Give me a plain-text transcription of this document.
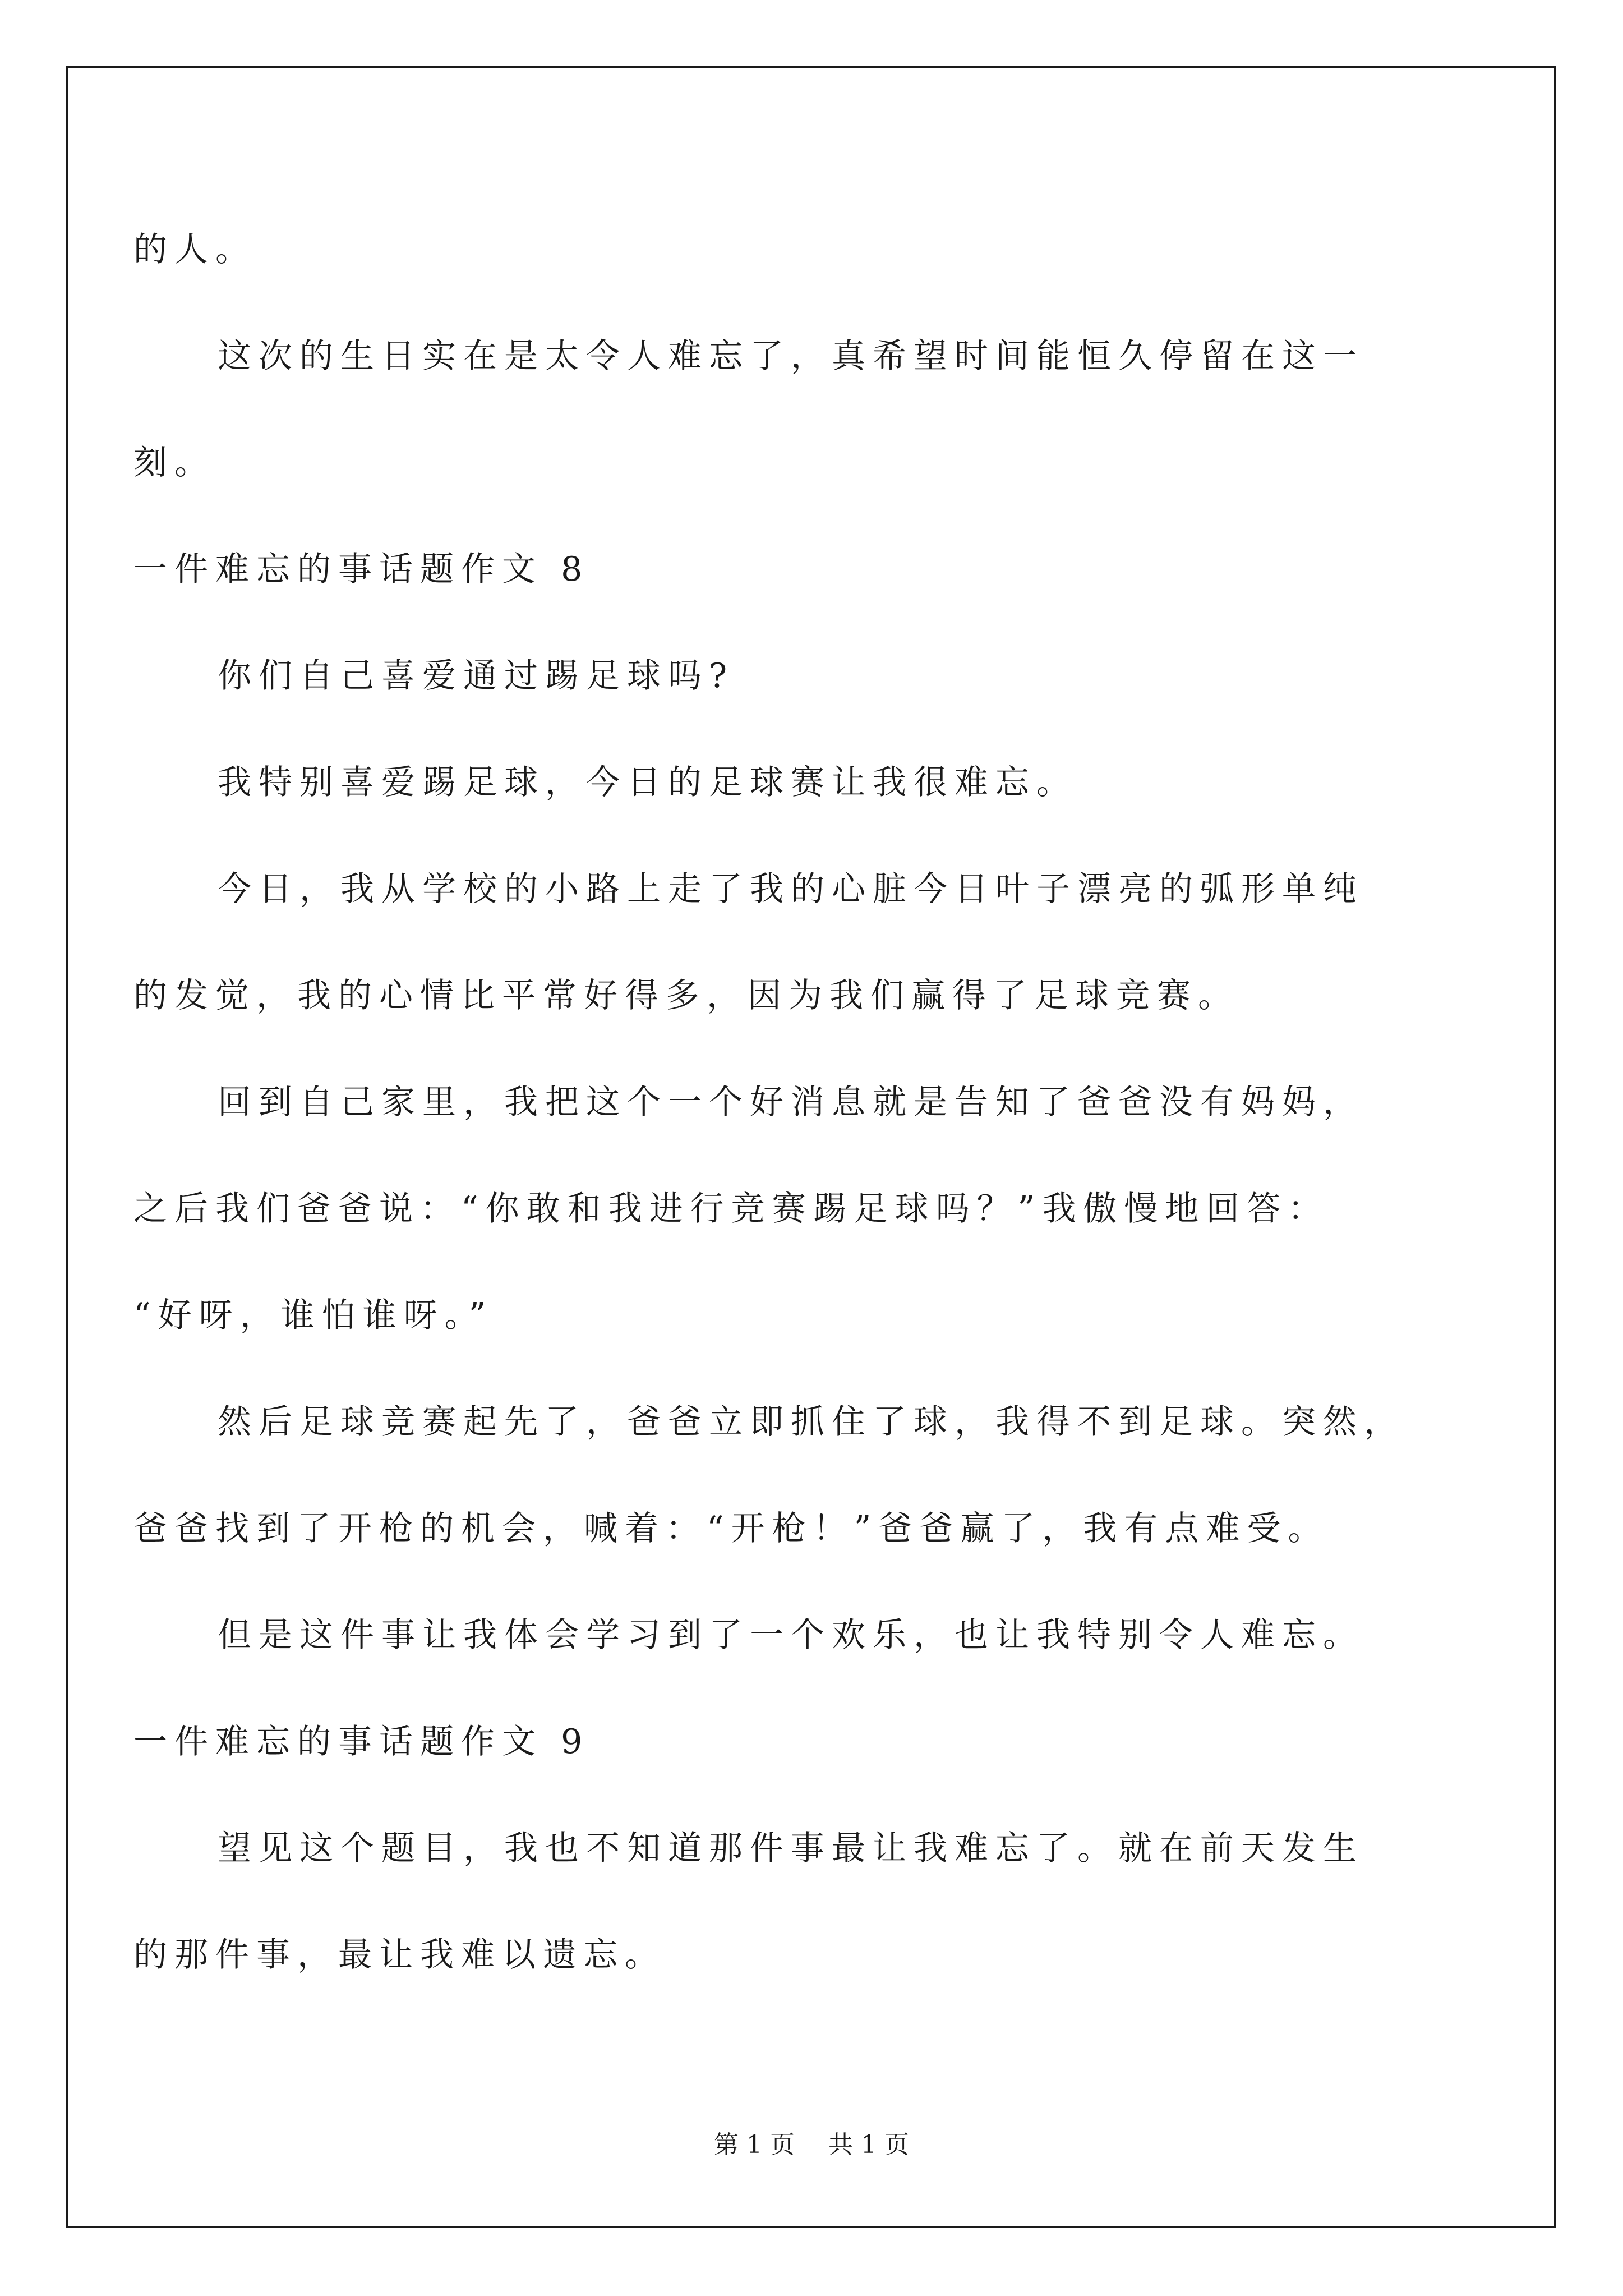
的人。
这次的生日实在是太令人难忘了，真希望时间能恒久停留在这一
刻。
一件难忘的事话题作文 8
你们自己喜爱通过踢足球吗?
我特别喜爱踢足球，今日的足球赛让我很难忘。
今日，我从学校的小路上走了我的心脏今日叶子漂亮的弧形单纯
的发觉，我的心情比平常好得多，因为我们赢得了足球竞赛。
回到自己家里，我把这个一个好消息就是告知了爸爸没有妈妈，
之后我们爸爸说：“你敢和我进行竞赛踢足球吗？”我傲慢地回答：
“好呀，谁怕谁呀。”
然后足球竞赛起先了，爸爸立即抓住了球，我得不到足球。突然，
爸爸找到了开枪的机会，喊着：“开枪！”爸爸赢了，我有点难受。
但是这件事让我体会学习到了一个欢乐，也让我特别令人难忘。
一件难忘的事话题作文 9
望见这个题目，我也不知道那件事最让我难忘了。就在前天发生
的那件事，最让我难以遗忘。
第 1 页 共 1 页
